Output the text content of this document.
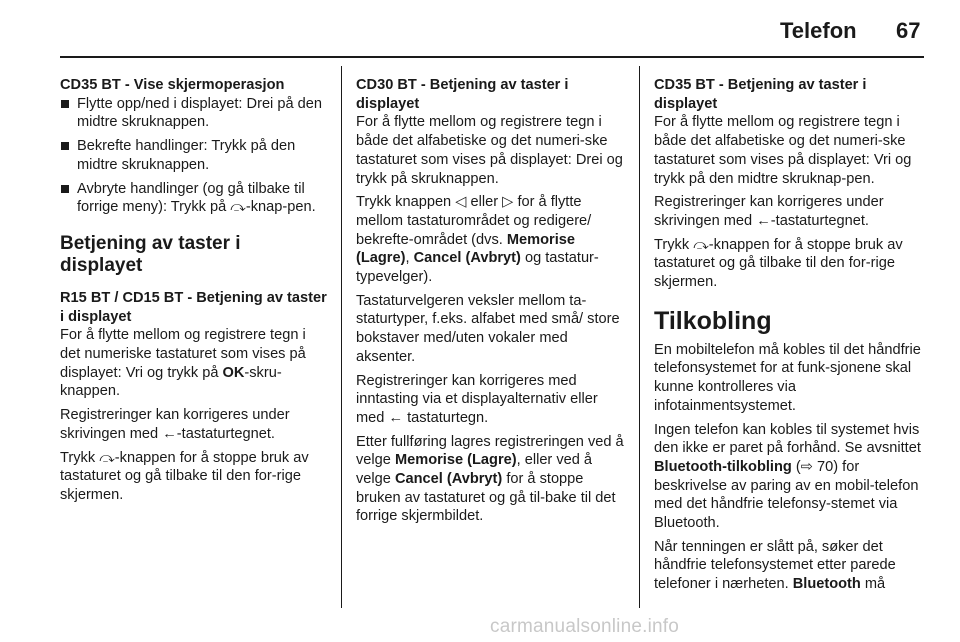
Telefon 67
CD35 BT - Vise skjermoperasjon
Flytte opp/ned i displayet: Drei på den midtre skruknappen.
Bekrefte handlinger: Trykk på den midtre skruknappen.
Avbryte handlinger (og gå tilbake til forrige meny): Trykk på ⤼-knap-pen.
Betjening av taster i displayet
R15 BT / CD15 BT - Betjening av taster i displayet
For å flytte mellom og registrere tegn i det numeriske tastaturet som vises på displayet: Vri og trykk på OK-skru-knappen.
Registreringer kan korrigeres under skrivingen med ←-tastaturtegnet.
Trykk ⤼-knappen for å stoppe bruk av tastaturet og gå tilbake til den for-rige skjermen.
CD30 BT - Betjening av taster i displayet
For å flytte mellom og registrere tegn i både det alfabetiske og det numeri-ske tastaturet som vises på displayet: Drei og trykk på skruknappen.
Trykk knappen ◁ eller ▷ for å flytte mellom tastaturområdet og redigere/ bekrefte-området (dvs. Memorise (Lagre), Cancel (Avbryt) og tastatur-typevelger).
Tastaturvelgeren veksler mellom ta-staturtyper, f.eks. alfabet med små/ store bokstaver med/uten vokaler med aksenter.
Registreringer kan korrigeres med inntasting via et displayalternativ eller med ← tastaturtegn.
Etter fullføring lagres registreringen ved å velge Memorise (Lagre), eller ved å velge Cancel (Avbryt) for å stoppe bruken av tastaturet og gå til-bake til det forrige skjermbildet.
CD35 BT - Betjening av taster i displayet
For å flytte mellom og registrere tegn i både det alfabetiske og det numeri-ske tastaturet som vises på displayet: Vri og trykk på den midtre skruknap-pen.
Registreringer kan korrigeres under skrivingen med ←-tastaturtegnet.
Trykk ⤼-knappen for å stoppe bruk av tastaturet og gå tilbake til den for-rige skjermen.
Tilkobling
En mobiltelefon må kobles til det håndfrie telefonsystemet for at funk-sjonene skal kunne kontrolleres via infotainmentsystemet.
Ingen telefon kan kobles til systemet hvis den ikke er paret på forhånd. Se avsnittet Bluetooth-tilkobling (⇨ 70) for beskrivelse av paring av en mobil-telefon med det håndfrie telefonsy-stemet via Bluetooth.
Når tenningen er slått på, søker det håndfrie telefonsystemet etter parede telefoner i nærheten. Bluetooth må
carmanualsonline.info
